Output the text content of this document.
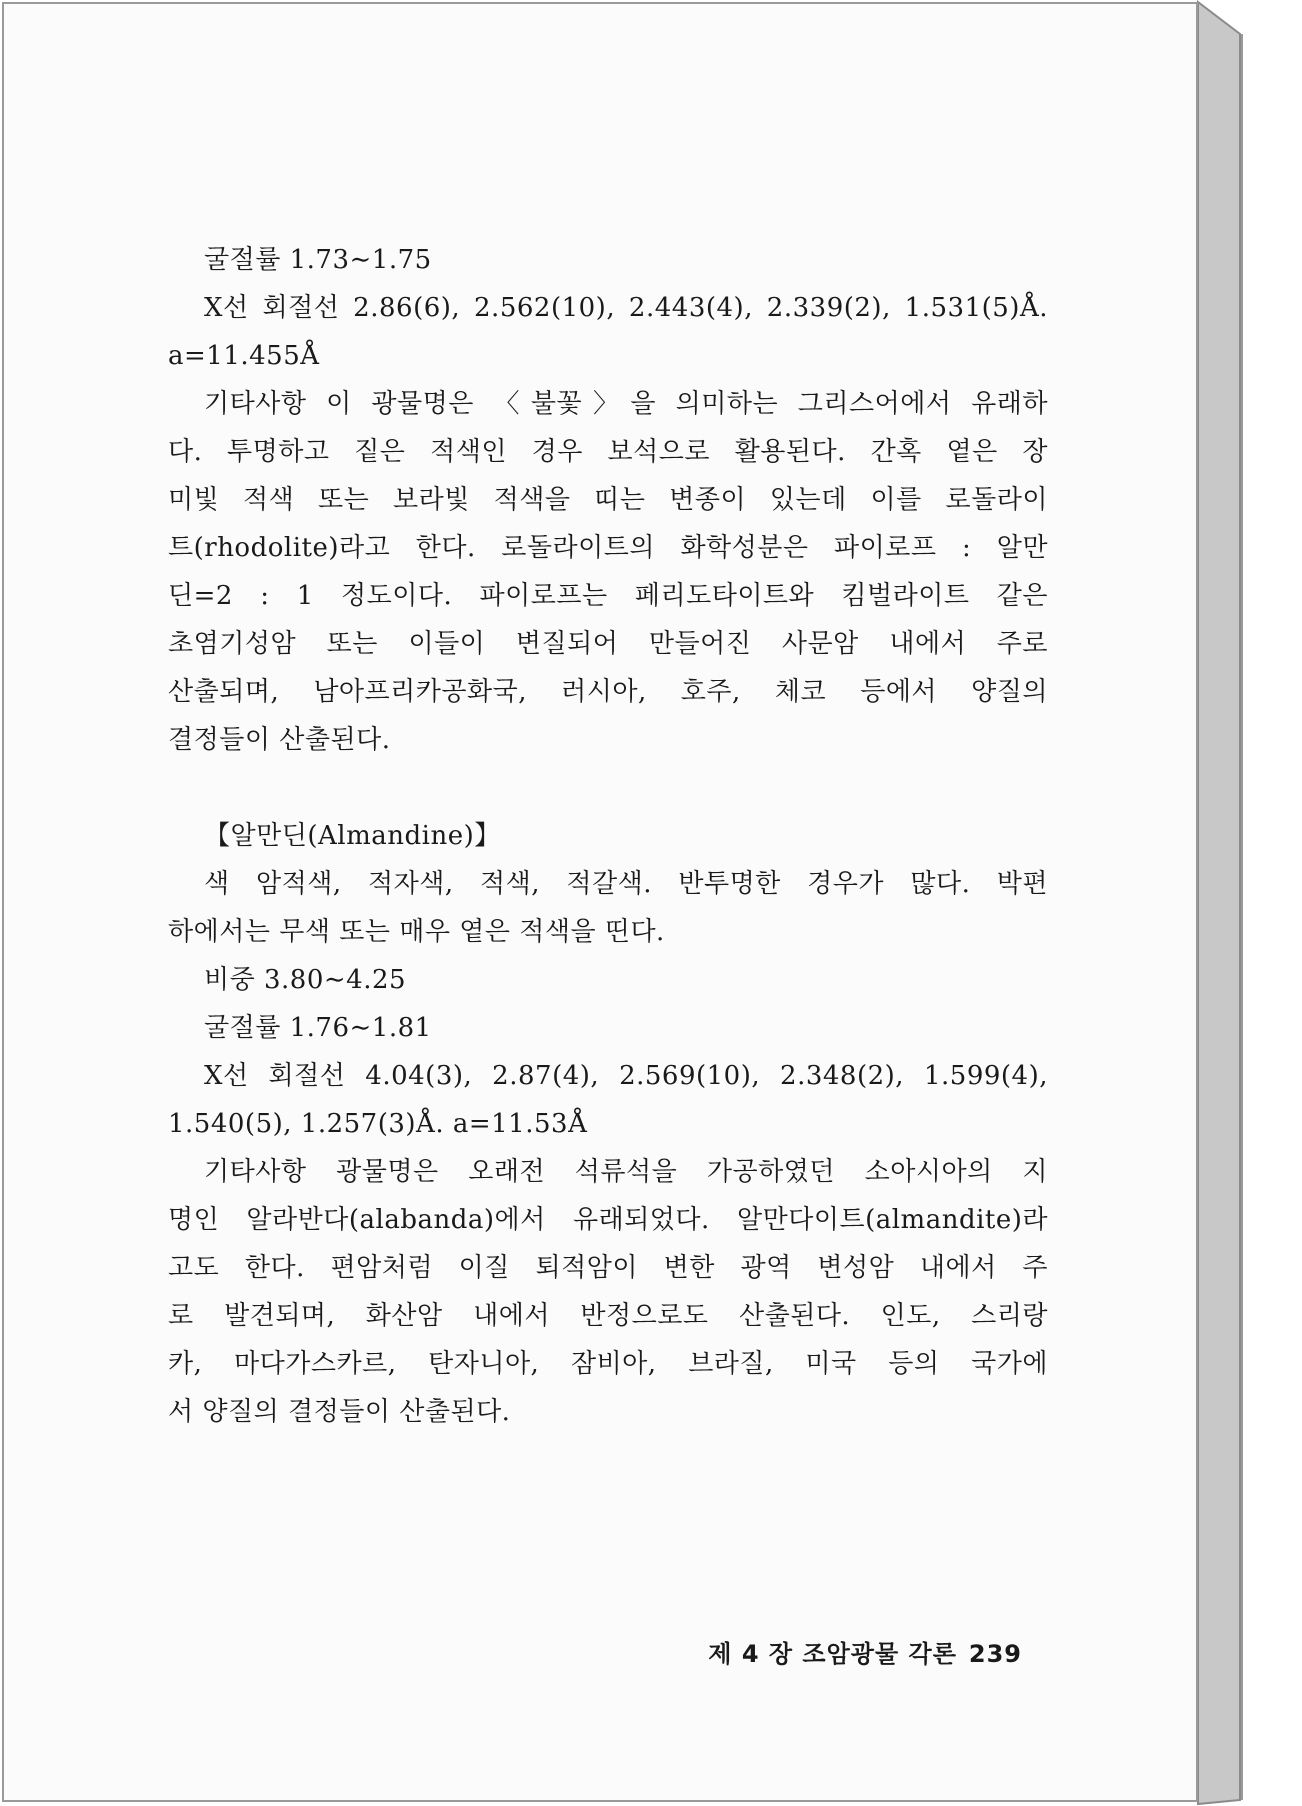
굴절률 1.73∼1.75
X선 회절선 2.86(6), 2.562(10), 2.443(4), 2.339(2), 1.531(5)Å.
a=11.455Å
기타사항 이 광물명은 〈불꽃〉을 의미하는 그리스어에서 유래하
다. 투명하고 짙은 적색인 경우 보석으로 활용된다. 간혹 옅은 장
미빛 적색 또는 보라빛 적색을 띠는 변종이 있는데 이를 로돌라이
트(rhodolite)라고 한다. 로돌라이트의 화학성분은 파이로프 : 알만
딘=2 : 1 정도이다. 파이로프는 페리도타이트와 킴벌라이트 같은
초염기성암 또는 이들이 변질되어 만들어진 사문암 내에서 주로
산출되며, 남아프리카공화국, 러시아, 호주, 체코 등에서 양질의
결정들이 산출된다.
【알만딘(Almandine)】
색 암적색, 적자색, 적색, 적갈색. 반투명한 경우가 많다. 박편
하에서는 무색 또는 매우 옅은 적색을 띤다.
비중 3.80∼4.25
굴절률 1.76∼1.81
X선 회절선 4.04(3), 2.87(4), 2.569(10), 2.348(2), 1.599(4),
1.540(5), 1.257(3)Å. a=11.53Å
기타사항 광물명은 오래전 석류석을 가공하였던 소아시아의 지
명인 알라반다(alabanda)에서 유래되었다. 알만다이트(almandite)라
고도 한다. 편암처럼 이질 퇴적암이 변한 광역 변성암 내에서 주
로 발견되며, 화산암 내에서 반정으로도 산출된다. 인도, 스리랑
카, 마다가스카르, 탄자니아, 잠비아, 브라질, 미국 등의 국가에
서 양질의 결정들이 산출된다.
제 4 장 조암광물 각론 239
